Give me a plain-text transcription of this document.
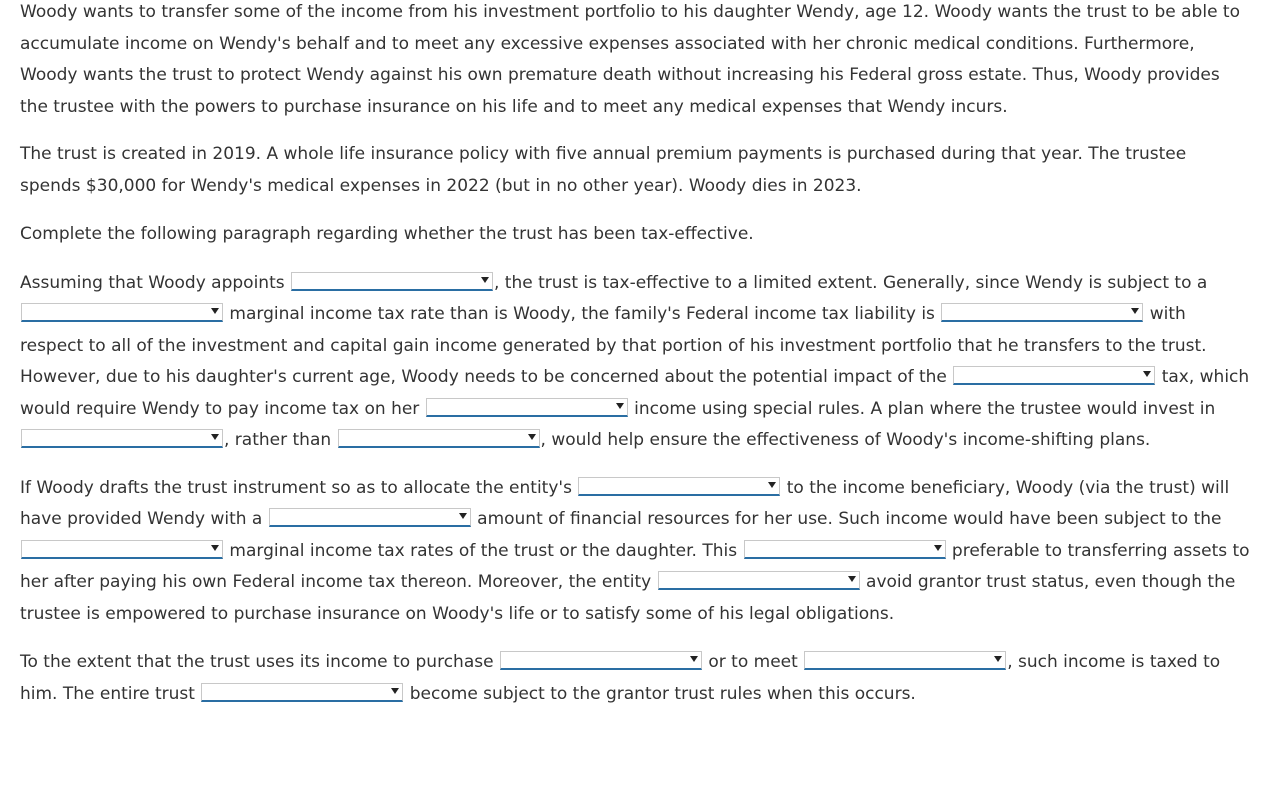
Woody wants to transfer some of the income from his investment portfolio to his daughter Wendy, age 12. Woody wants the trust to be able to accumulate income on Wendy's behalf and to meet any excessive expenses associated with her chronic medical conditions. Furthermore, Woody wants the trust to protect Wendy against his own premature death without increasing his Federal gross estate. Thus, Woody provides the trustee with the powers to purchase insurance on his life and to meet any medical expenses that Wendy incurs.

The trust is created in 2019. A whole life insurance policy with five annual premium payments is purchased during that year. The trustee spends $30,000 for Wendy's medical expenses in 2022 (but in no other year). Woody dies in 2023.

Complete the following paragraph regarding whether the trust has been tax-effective.

Assuming that Woody appoints	, the trust is tax-effective to a limited extent. Generally, since Wendy is subject to a
marginal income tax rate than is Woody, the family's Federal income tax liability is	with respect to all of the investment and capital gain income generated by that portion of his investment portfolio that he transfers to the trust. However, due to his daughter's current age, Woody needs to be concerned about the potential impact of the	tax, which would require Wendy to pay income tax on her	income using special rules. A plan where the trustee would invest in
, rather than	, would help ensure the effectiveness of Woody's income-shifting plans.

If Woody drafts the trust instrument so as to allocate the entity's	to the income beneficiary, Woody (via the trust) will have provided Wendy with a	amount of financial resources for her use. Such income would have been subject to the
marginal income tax rates of the trust or the daughter. This	preferable to transferring assets to her after paying his own Federal income tax thereon. Moreover, the entity	avoid grantor trust status, even though the trustee is empowered to purchase insurance on Woody's life or to satisfy some of his legal obligations.

To the extent that the trust uses its income to purchase	or to meet	, such income is taxed to him. The entire trust	become subject to the grantor trust rules when this occurs.
